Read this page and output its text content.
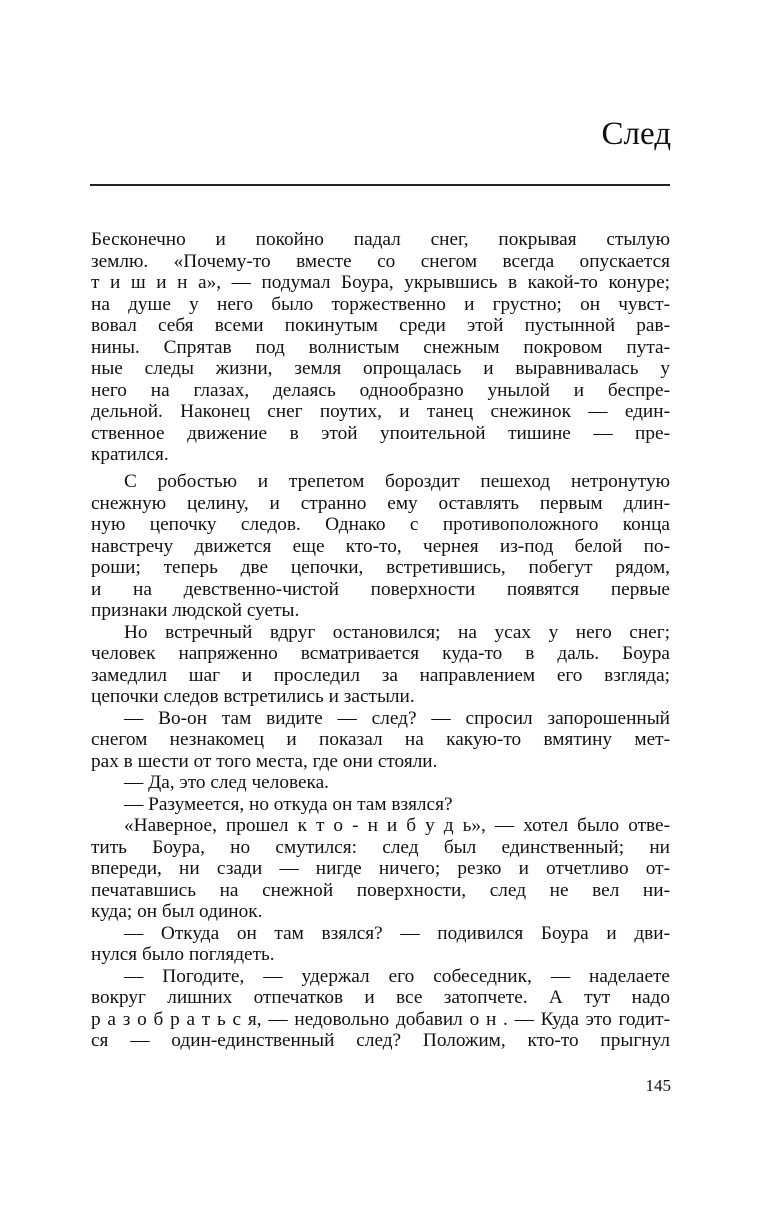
След
Бесконечно и покойно падал снег, покрывая стылую
землю. «Почему-то вместе со снегом всегда опускается
т и ш и н а», — подумал Боура, укрывшись в какой-то конуре;
на душе у него было торжественно и грустно; он чувст-
вовал себя всеми покинутым среди этой пустынной рав-
нины. Спрятав под волнистым снежным покровом пута-
ные следы жизни, земля опрощалась и выравнивалась у
него на глазах, делаясь однообразно унылой и беспре-
дельной. Наконец снег поутих, и танец снежинок — един-
ственное движение в этой упоительной тишине — пре-
кратился.
С робостью и трепетом бороздит пешеход нетронутую
снежную целину, и странно ему оставлять первым длин-
ную цепочку следов. Однако с противоположного конца
навстречу движется еще кто-то, чернея из-под белой по-
роши; теперь две цепочки, встретившись, побегут рядом,
и на девственно-чистой поверхности появятся первые
признаки людской суеты.
Но встречный вдруг остановился; на усах у него снег;
человек напряженно всматривается куда-то в даль. Боура
замедлил шаг и проследил за направлением его взгляда;
цепочки следов встретились и застыли.
— Во-он там видите — след? — спросил запорошенный
снегом незнакомец и показал на какую-то вмятину мет-
рах в шести от того места, где они стояли.
— Да, это след человека.
— Разумеется, но откуда он там взялся?
«Наверное, прошел к т о - н и б у д ь», — хотел было отве-
тить Боура, но смутился: след был единственный; ни
впереди, ни сзади — нигде ничего; резко и отчетливо от-
печатавшись на снежной поверхности, след не вел ни-
куда; он был одинок.
— Откуда он там взялся? — подивился Боура и дви-
нулся было поглядеть.
— Погодите, — удержал его собеседник, — наделаете
вокруг лишних отпечатков и все затопчете. А тут надо
р а з о б р а т ь с я, — недовольно добавил о н . — Куда это годит-
ся — один-единственный след? Положим, кто-то прыгнул
145
